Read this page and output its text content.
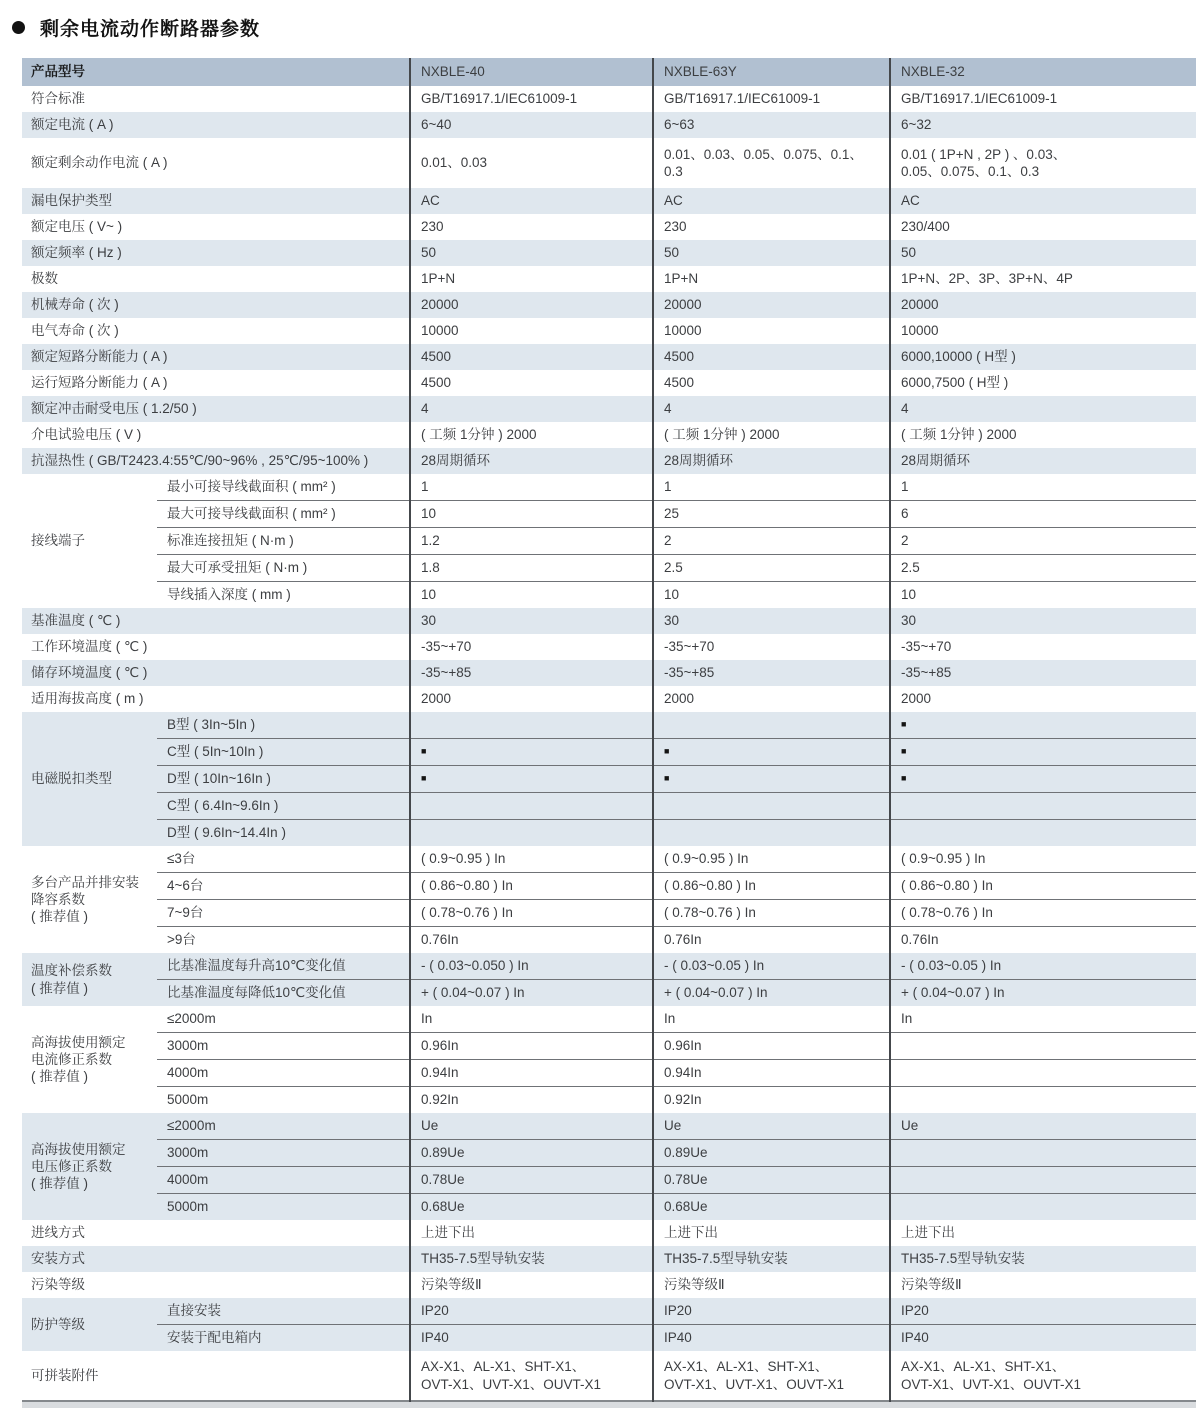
剩余电流动作断路器参数
产品型号		NXBLE-40	NXBLE-63Y	NXBLE-32
符合标准		GB/T16917.1/IEC61009-1	GB/T16917.1/IEC61009-1	GB/T16917.1/IEC61009-1
额定电流 ( A )		6~40	6~63	6~32
额定剩余动作电流 ( A )		0.01、0.03	0.01、0.03、0.05、0.075、0.1、0.3	0.01 ( 1P+N , 2P ) 、0.03、
0.05、0.075、0.1、0.3
漏电保护类型		AC	AC	AC
额定电压 ( V~ )		230	230	230/400
额定频率 ( Hz )		50	50	50
极数		1P+N	1P+N	1P+N、2P、3P、3P+N、4P
机械寿命 ( 次 )		20000	20000	20000
电气寿命 ( 次 )		10000	10000	10000
额定短路分断能力 ( A )		4500	4500	6000,10000 ( H型 )
运行短路分断能力 ( A )		4500	4500	6000,7500 ( H型 )
额定冲击耐受电压 ( 1.2/50 )		4	4	4
介电试验电压 ( V )		( 工频 1分钟 ) 2000	( 工频 1分钟 ) 2000	( 工频 1分钟 ) 2000
抗湿热性 ( GB/T2423.4:55℃/90~96% , 25℃/95~100% )		28周期循环	28周期循环	28周期循环
接线端子	最小可接导线截面积 ( mm² )	1	1	1
	最大可接导线截面积 ( mm² )	10	25	6
	标准连接扭矩 ( N·m )	1.2	2	2
	最大可承受扭矩 ( N·m )	1.8	2.5	2.5
	导线插入深度 ( mm )	10	10	10
基准温度 ( ℃ )		30	30	30
工作环境温度 ( ℃ )		-35~+70	-35~+70	-35~+70
储存环境温度 ( ℃ )		-35~+85	-35~+85	-35~+85
适用海拔高度 ( m )		2000	2000	2000
电磁脱扣类型	B型 ( 3In~5In )			■
	C型 ( 5In~10In )	■	■	■
	D型 ( 10In~16In )	■	■	■
	C型 ( 6.4In~9.6In )			
	D型 ( 9.6In~14.4In )			
多台产品并排安装
降容系数
( 推荐值 )	≤3台	( 0.9~0.95 ) In	( 0.9~0.95 ) In	( 0.9~0.95 ) In
	4~6台	( 0.86~0.80 ) In	( 0.86~0.80 ) In	( 0.86~0.80 ) In
	7~9台	( 0.78~0.76 ) In	( 0.78~0.76 ) In	( 0.78~0.76 ) In
	>9台	0.76In	0.76In	0.76In
温度补偿系数
( 推荐值 )	比基准温度每升高10℃变化值	- ( 0.03~0.050 ) In	- ( 0.03~0.05 ) In	- ( 0.03~0.05 ) In
	比基准温度每降低10℃变化值	+ ( 0.04~0.07 ) In	+ ( 0.04~0.07 ) In	+ ( 0.04~0.07 ) In
高海拔使用额定
电流修正系数
( 推荐值 )	≤2000m	In	In	In
	3000m	0.96In	0.96In	
	4000m	0.94In	0.94In	
	5000m	0.92In	0.92In	
高海拔使用额定
电压修正系数
( 推荐值 )	≤2000m	Ue	Ue	Ue
	3000m	0.89Ue	0.89Ue	
	4000m	0.78Ue	0.78Ue	
	5000m	0.68Ue	0.68Ue	
进线方式		上进下出	上进下出	上进下出
安装方式		TH35-7.5型导轨安装	TH35-7.5型导轨安装	TH35-7.5型导轨安装
污染等级		污染等级Ⅱ	污染等级Ⅱ	污染等级Ⅱ
防护等级	直接安装	IP20	IP20	IP20
	安装于配电箱内	IP40	IP40	IP40
可拼装附件		AX-X1、AL-X1、SHT-X1、
OVT-X1、UVT-X1、OUVT-X1	AX-X1、AL-X1、SHT-X1、
OVT-X1、UVT-X1、OUVT-X1	AX-X1、AL-X1、SHT-X1、
OVT-X1、UVT-X1、OUVT-X1
